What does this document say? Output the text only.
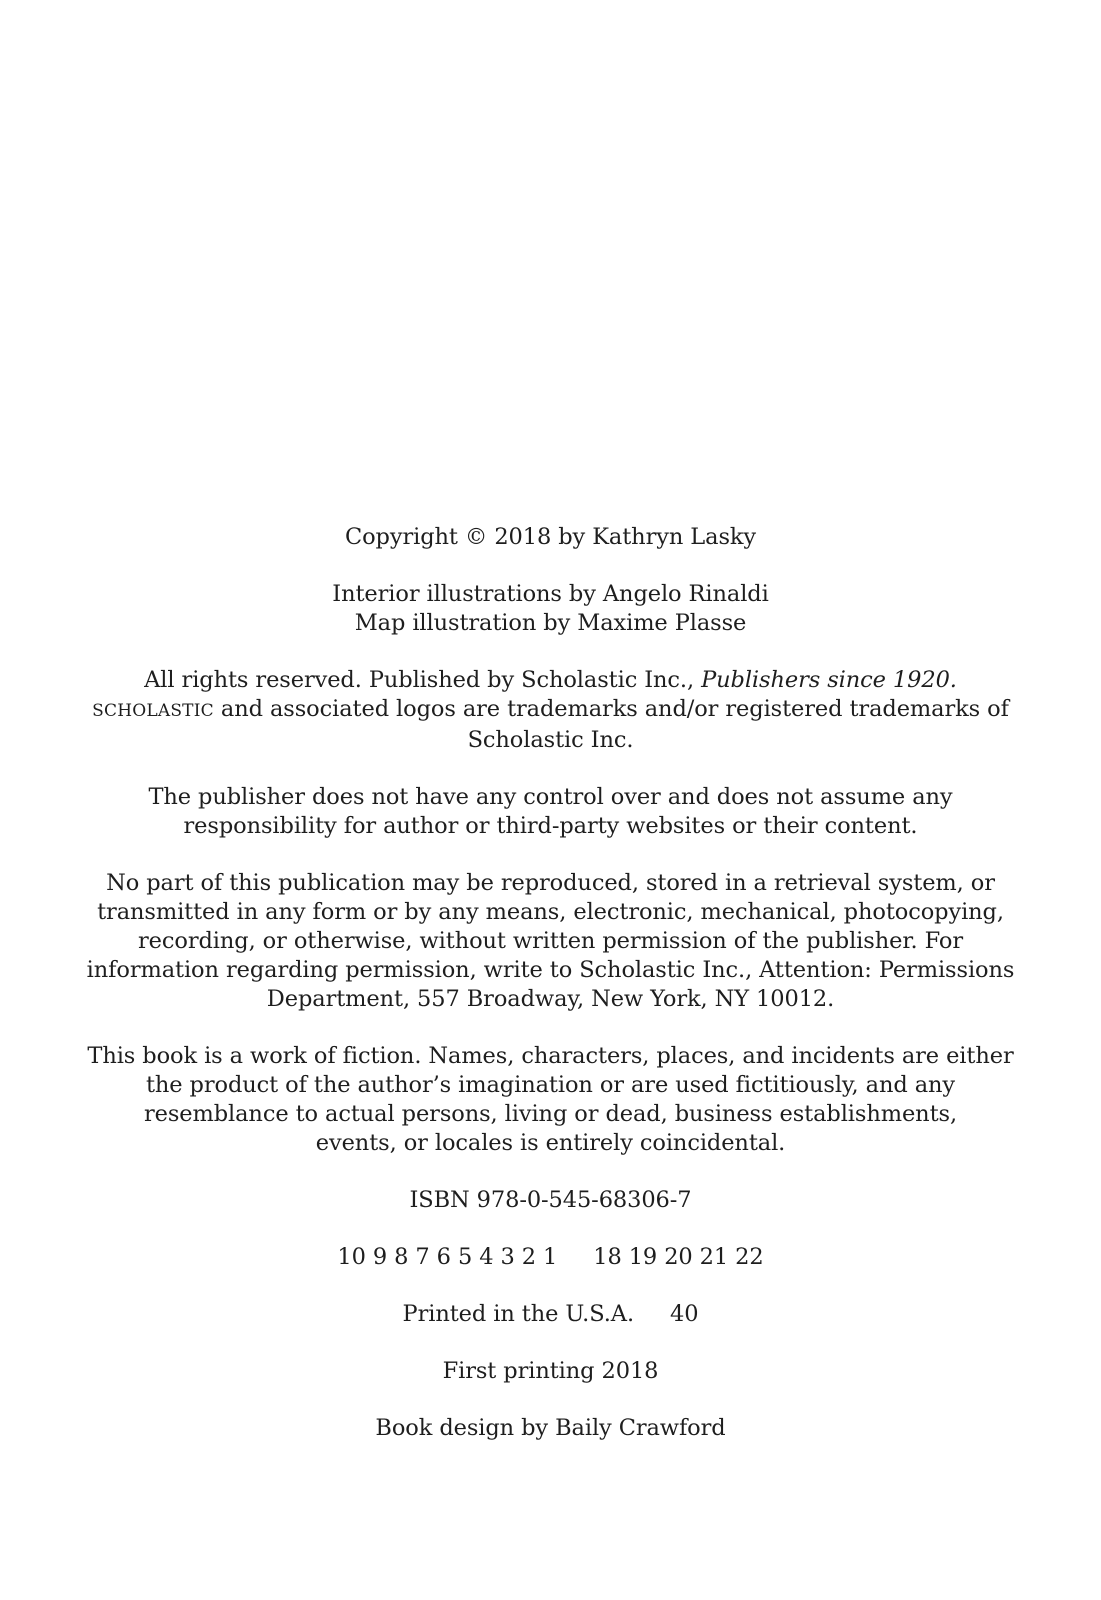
Copyright © 2018 by Kathryn Lasky

Interior illustrations by Angelo Rinaldi
Map illustration by Maxime Plasse

All rights reserved. Published by Scholastic Inc., Publishers since 1920.
SCHOLASTIC and associated logos are trademarks and/or registered trademarks of
Scholastic Inc.

The publisher does not have any control over and does not assume any
responsibility for author or third-party websites or their content.

No part of this publication may be reproduced, stored in a retrieval system, or
transmitted in any form or by any means, electronic, mechanical, photocopying,
recording, or otherwise, without written permission of the publisher. For
information regarding permission, write to Scholastic Inc., Attention: Permissions
Department, 557 Broadway, New York, NY 10012.

This book is a work of fiction. Names, characters, places, and incidents are either
the product of the author’s imagination or are used fictitiously, and any
resemblance to actual persons, living or dead, business establishments,
events, or locales is entirely coincidental.

ISBN 978-0-545-68306-7

10 9 8 7 6 5 4 3 2 1 18 19 20 21 22

Printed in the U.S.A. 40

First printing 2018

Book design by Baily Crawford
